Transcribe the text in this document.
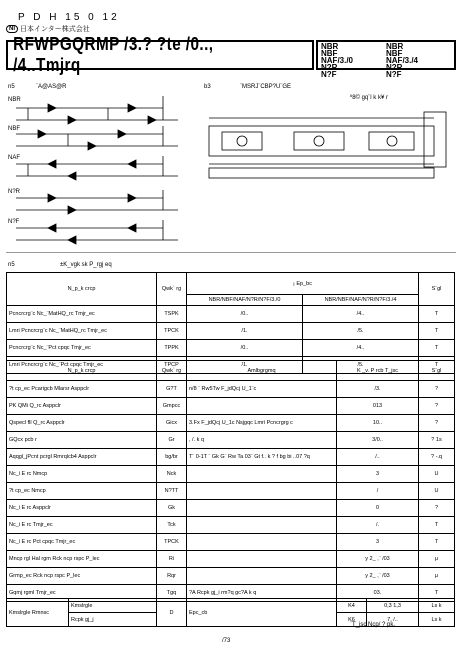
P D H 15 0 12
NI 日本インター株式会社
RFWPGQRMP /3.? ?te /0.., /4..Tmjrq
NBR	NBR
NBF	NBF
NAF/3./0	NAF/3./4
N?R	N?R
N?F	N?F
n5	¨A@AS@R
NBR
NBF
NAF
N?R
N?F
b3	¨MSRJ¨CBP?U¨GE
º8© gq¨l k k¥ r
n5	±K_vgk sk P_rgj eq
N_p_k crcp	Qwk` rg	¡ Ep_bc		S¨gl
		NBR/NBF/NAF/N?R/N?F/3./0	NBR/NBF/NAF/N?R/N?F/3./4	
Pcncrcrg¨c Nc_¨MatHQ_rc Tmjr_ec	TSPK	/0..	/4..	T
Lmri Pcncrcrg¨c Nc_¨MatHQ_rc Tmjr_ec	TPCK	/1.	/5.	T
Pcncrcrg¨c Nc_¨Pct cpqc Tmjr_ec	TPPK	/0..	/4..	T
Lmri Pcncrcrg¨c Nc_¨Pct cpqc Tmjr_ec	TPCP	/1.	/5.	T
N_p_k crcp	Qwk` rg	Amlbgrgmq	K _v. P rcb T_jsc	S¨gl
?t cp_ec Pcarigcb Mlarsr Asppclr	G?T	n/8 ¨ Rw5Tw F_jdQcj U_1¨c	/3.	?
PK QMi Q_rc Asppclr	Gmpcc		013	?
Qspecl fll Q_rc Asppclr	Gicx	3.Fx F_jdQcj U_1c Nsjgqc Lmri Pcncrgrg c	10..	?
GQcx pcb r	Gr	, /. k q	3/0..	? 1s
Aqqgl_jPcnt pcrgl Rmrqlcb4 Asppclr	bg/br	T¨ 0-1T ¨ Gk G¨ Rw Ta 03¨ Gt f.. k ? f bg bi ..07 ?q	/..	? -.q
Nc_i E rc Nmcp	Nck		3	U
?t cp_ec Nmcp	N?TT		/	U
Nc_i E rc Asppclr	Gk		0	?
Nc_i E rc Tmjr_ec	Tck		/.	T
Nc_i E rc Pct cpqc Tmjr_ec	TPCK		3	T
Mncp rgl Hal rgm Rck ncp rspc P_lec	Ri		y 2_ ,¨ /03	μ
Grmp_ec Rck ncp rspc P_lec	Rqr		y 2_ ,¨ /03	μ
Gqmj rgml Tmjr_ec	Tgq	?A Rcpk gj_i rm?q gc?A k q	03.	T
Kmslrgle Rmnsc	Kmslrgle	D	Epc_cb	K4	0,3 1,3	Ls k
	Rcpk gj_j			K6	7, /..	Ls k
¨T_jsc Ncp/ ? pk,
/73
